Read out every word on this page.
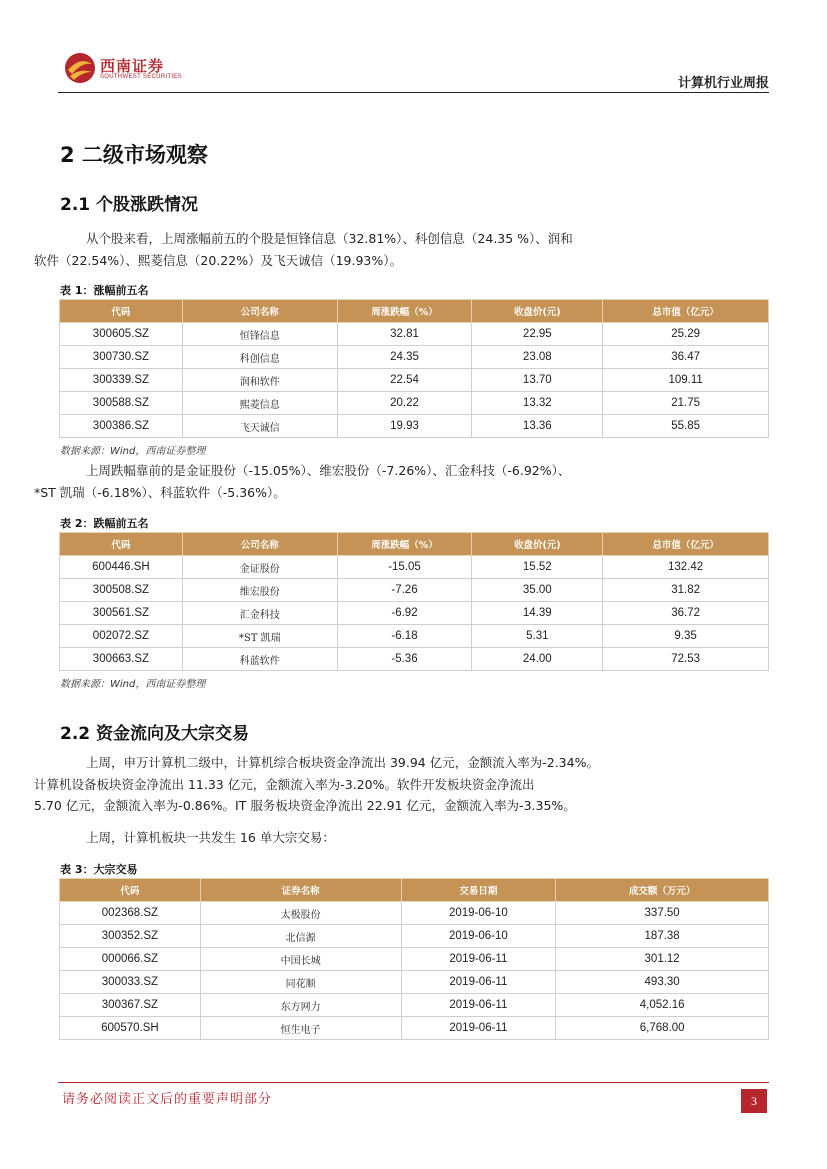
西南证券
SOUTHWEST SECURITIES	计算机行业周报
2 二级市场观察
2.1 个股涨跌情况
从个股来看，上周涨幅前五的个股是恒锋信息（32.81%）、科创信息（24.35 %）、润和
软件（22.54%）、熙菱信息（20.22%）及飞天诚信（19.93%）。
表 1：涨幅前五名
代码	公司名称	周涨跌幅（%）	收盘价(元)	总市值（亿元）
300605.SZ	恒锋信息	32.81	22.95	25.29
300730.SZ	科创信息	24.35	23.08	36.47
300339.SZ	润和软件	22.54	13.70	109.11
300588.SZ	熙菱信息	20.22	13.32	21.75
300386.SZ	飞天诚信	19.93	13.36	55.85
数据来源：Wind，西南证券整理
上周跌幅靠前的是金证股份（-15.05%）、维宏股份（-7.26%）、汇金科技（-6.92%）、
*ST 凯瑞（-6.18%）、科蓝软件（-5.36%）。
表 2：跌幅前五名
代码	公司名称	周涨跌幅（%）	收盘价(元)	总市值（亿元）
600446.SH	金证股份	-15.05	15.52	132.42
300508.SZ	维宏股份	-7.26	35.00	31.82
300561.SZ	汇金科技	-6.92	14.39	36.72
002072.SZ	*ST 凯瑞	-6.18	5.31	9.35
300663.SZ	科蓝软件	-5.36	24.00	72.53
数据来源：Wind，西南证券整理
2.2 资金流向及大宗交易
上周，申万计算机二级中，计算机综合板块资金净流出 39.94 亿元，金额流入率为-2.34%。
计算机设备板块资金净流出 11.33 亿元，金额流入率为-3.20%。软件开发板块资金净流出
5.70 亿元，金额流入率为-0.86%。IT 服务板块资金净流出 22.91 亿元，金额流入率为-3.35%。
上周，计算机板块一共发生 16 单大宗交易：
表 3：大宗交易
代码	证券名称	交易日期	成交额（万元）
002368.SZ	太极股份	2019-06-10	337.50
300352.SZ	北信源	2019-06-10	187.38
000066.SZ	中国长城	2019-06-11	301.12
300033.SZ	同花顺	2019-06-11	493.30
300367.SZ	东方网力	2019-06-11	4,052.16
600570.SH	恒生电子	2019-06-11	6,768.00
请务必阅读正文后的重要声明部分	3
